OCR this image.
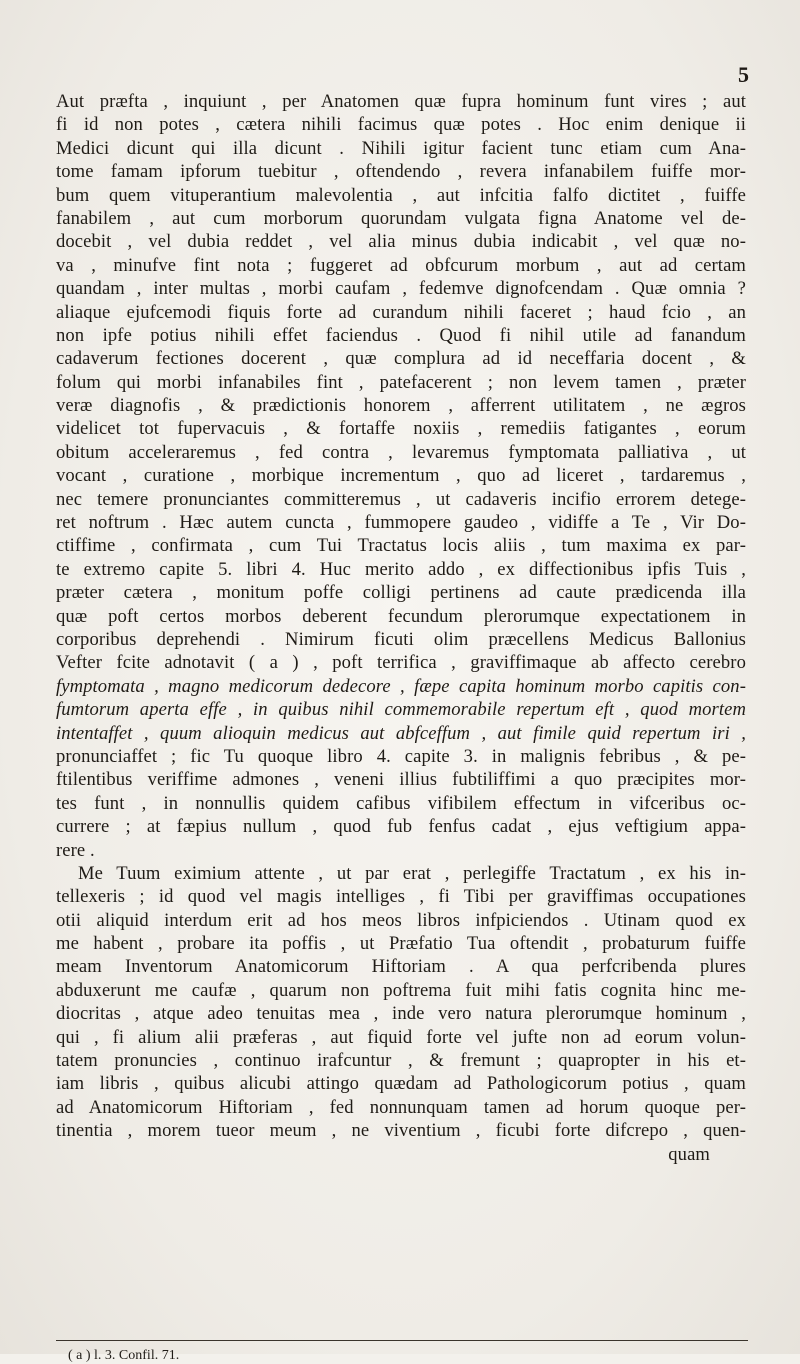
5
Aut præfta , inquiunt , per Anatomen quæ fupra hominum funt vires ; aut
fi id non potes , cætera nihili facimus quæ potes . Hoc enim denique ii
Medici dicunt qui illa dicunt . Nihili igitur facient tunc etiam cum Ana-
tome famam ipforum tuebitur , oftendendo , revera infanabilem fuiffe mor-
bum quem vituperantium malevolentia , aut infcitia falfo dictitet , fuiffe
fanabilem , aut cum morborum quorundam vulgata figna Anatome vel de-
docebit , vel dubia reddet , vel alia minus dubia indicabit , vel quæ no-
va , minufve fint nota ; fuggeret ad obfcurum morbum , aut ad certam
quandam , inter multas , morbi caufam , fedemve dignofcendam . Quæ omnia ?
aliaque ejufcemodi fiquis forte ad curandum nihili faceret ; haud fcio , an
non ipfe potius nihili effet faciendus . Quod fi nihil utile ad fanandum
cadaverum fectiones docerent , quæ complura ad id neceffaria docent , &
folum qui morbi infanabiles fint , patefacerent ; non levem tamen , præter
veræ diagnofis , & prædictionis honorem , afferrent utilitatem , ne ægros
videlicet tot fupervacuis , & fortaffe noxiis , remediis fatigantes , eorum
obitum acceleraremus , fed contra , levaremus fymptomata palliativa , ut
vocant , curatione , morbique incrementum , quo ad liceret , tardaremus ,
nec temere pronunciantes committeremus , ut cadaveris incifio errorem detege-
ret noftrum . Hæc autem cuncta , fummopere gaudeo , vidiffe a Te , Vir Do-
ctiffime , confirmata , cum Tui Tractatus locis aliis , tum maxima ex par-
te extremo capite 5. libri 4. Huc merito addo , ex diffectionibus ipfis Tuis ,
præter cætera , monitum poffe colligi pertinens ad caute prædicenda illa
quæ poft certos morbos deberent fecundum plerorumque expectationem in
corporibus deprehendi . Nimirum ficuti olim præcellens Medicus Ballonius
Vefter fcite adnotavit ( a ) , poft terrifica , graviffimaque ab affecto cerebro
fymptomata , magno medicorum dedecore , fæpe capita hominum morbo capitis con-
fumtorum aperta effe , in quibus nihil commemorabile repertum eft , quod mortem
intentaffet , quum alioquin medicus aut abfceffum , aut fimile quid repertum iri ,
pronunciaffet ; fic Tu quoque libro 4. capite 3. in malignis febribus , & pe-
ftilentibus veriffime admones , veneni illius fubtiliffimi a quo præcipites mor-
tes funt , in nonnullis quidem cafibus vifibilem effectum in vifceribus oc-
currere ; at fæpius nullum , quod fub fenfus cadat , ejus veftigium appa-
rere .
Me Tuum eximium attente , ut par erat , perlegiffe Tractatum , ex his in-
tellexeris ; id quod vel magis intelliges , fi Tibi per graviffimas occupationes
otii aliquid interdum erit ad hos meos libros infpiciendos . Utinam quod ex
me habent , probare ita poffis , ut Præfatio Tua oftendit , probaturum fuiffe
meam Inventorum Anatomicorum Hiftoriam . A qua perfcribenda plures
abduxerunt me caufæ , quarum non poftrema fuit mihi fatis cognita hinc me-
diocritas , atque adeo tenuitas mea , inde vero natura plerorumque hominum ,
qui , fi alium alii præferas , aut fiquid forte vel jufte non ad eorum volun-
tatem pronuncies , continuo irafcuntur , & fremunt ; quapropter in his et-
iam libris , quibus alicubi attingo quædam ad Pathologicorum potius , quam
ad Anatomicorum Hiftoriam , fed nonnunquam tamen ad horum quoque per-
tinentia , morem tueor meum , ne viventium , ficubi forte difcrepo , quen-
quam
( a ) l. 3. Confil. 71.
